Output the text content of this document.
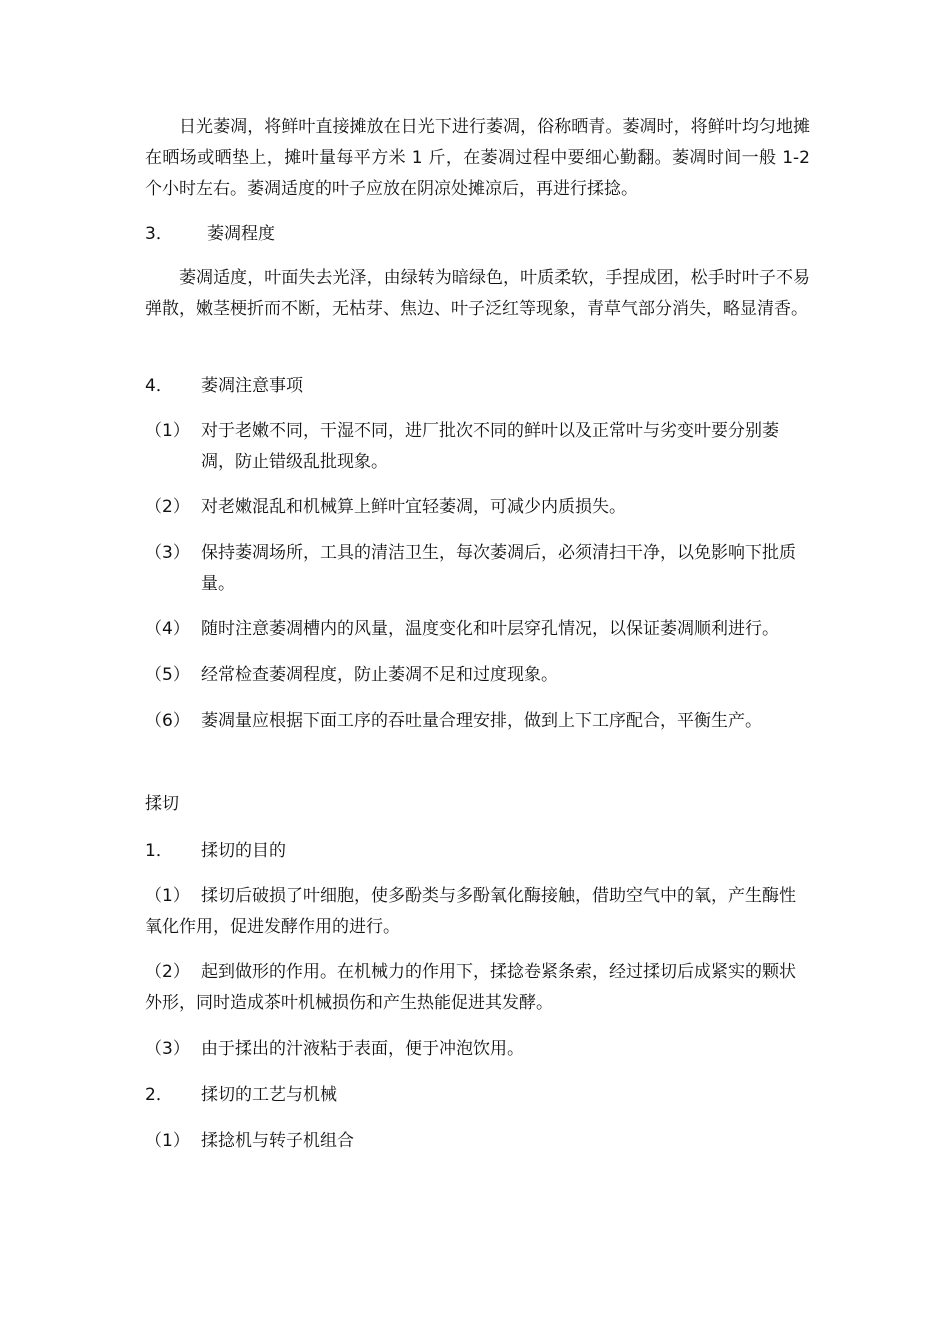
日光萎凋，将鲜叶直接摊放在日光下进行萎凋，俗称晒青。萎凋时，将鲜叶均匀地摊在晒场或晒垫上，摊叶量每平方米 1 斤，在萎凋过程中要细心勤翻。萎凋时间一般 1-2 个小时左右。萎凋适度的叶子应放在阴凉处摊凉后，再进行揉捻。

3．	萎凋程度

萎凋适度，叶面失去光泽，由绿转为暗绿色，叶质柔软，手捏成团，松手时叶子不易弹散，嫩茎梗折而不断，无枯芽、焦边、叶子泛红等现象，青草气部分消失，略显清香。

4．	萎凋注意事项
（1） 对于老嫩不同，干湿不同，进厂批次不同的鲜叶以及正常叶与劣变叶要分别萎凋，防止错级乱批现象。
（2） 对老嫩混乱和机械算上鲜叶宜轻萎凋，可减少内质损失。
（3） 保持萎凋场所，工具的清洁卫生，每次萎凋后，必须清扫干净，以免影响下批质量。
（4） 随时注意萎凋槽内的风量，温度变化和叶层穿孔情况，以保证萎凋顺利进行。
（5） 经常检查萎凋程度，防止萎凋不足和过度现象。
（6） 萎凋量应根据下面工序的吞吐量合理安排，做到上下工序配合，平衡生产。
揉切
1．	揉切的目的
（1） 揉切后破损了叶细胞，使多酚类与多酚氧化酶接触，借助空气中的氧，产生酶性氧化作用，促进发酵作用的进行。
（2） 起到做形的作用。在机械力的作用下，揉捻卷紧条索，经过揉切后成紧实的颗状外形，同时造成茶叶机械损伤和产生热能促进其发酵。
（3） 由于揉出的汁液粘于表面，便于冲泡饮用。
2．	揉切的工艺与机械
（1） 揉捻机与转子机组合
